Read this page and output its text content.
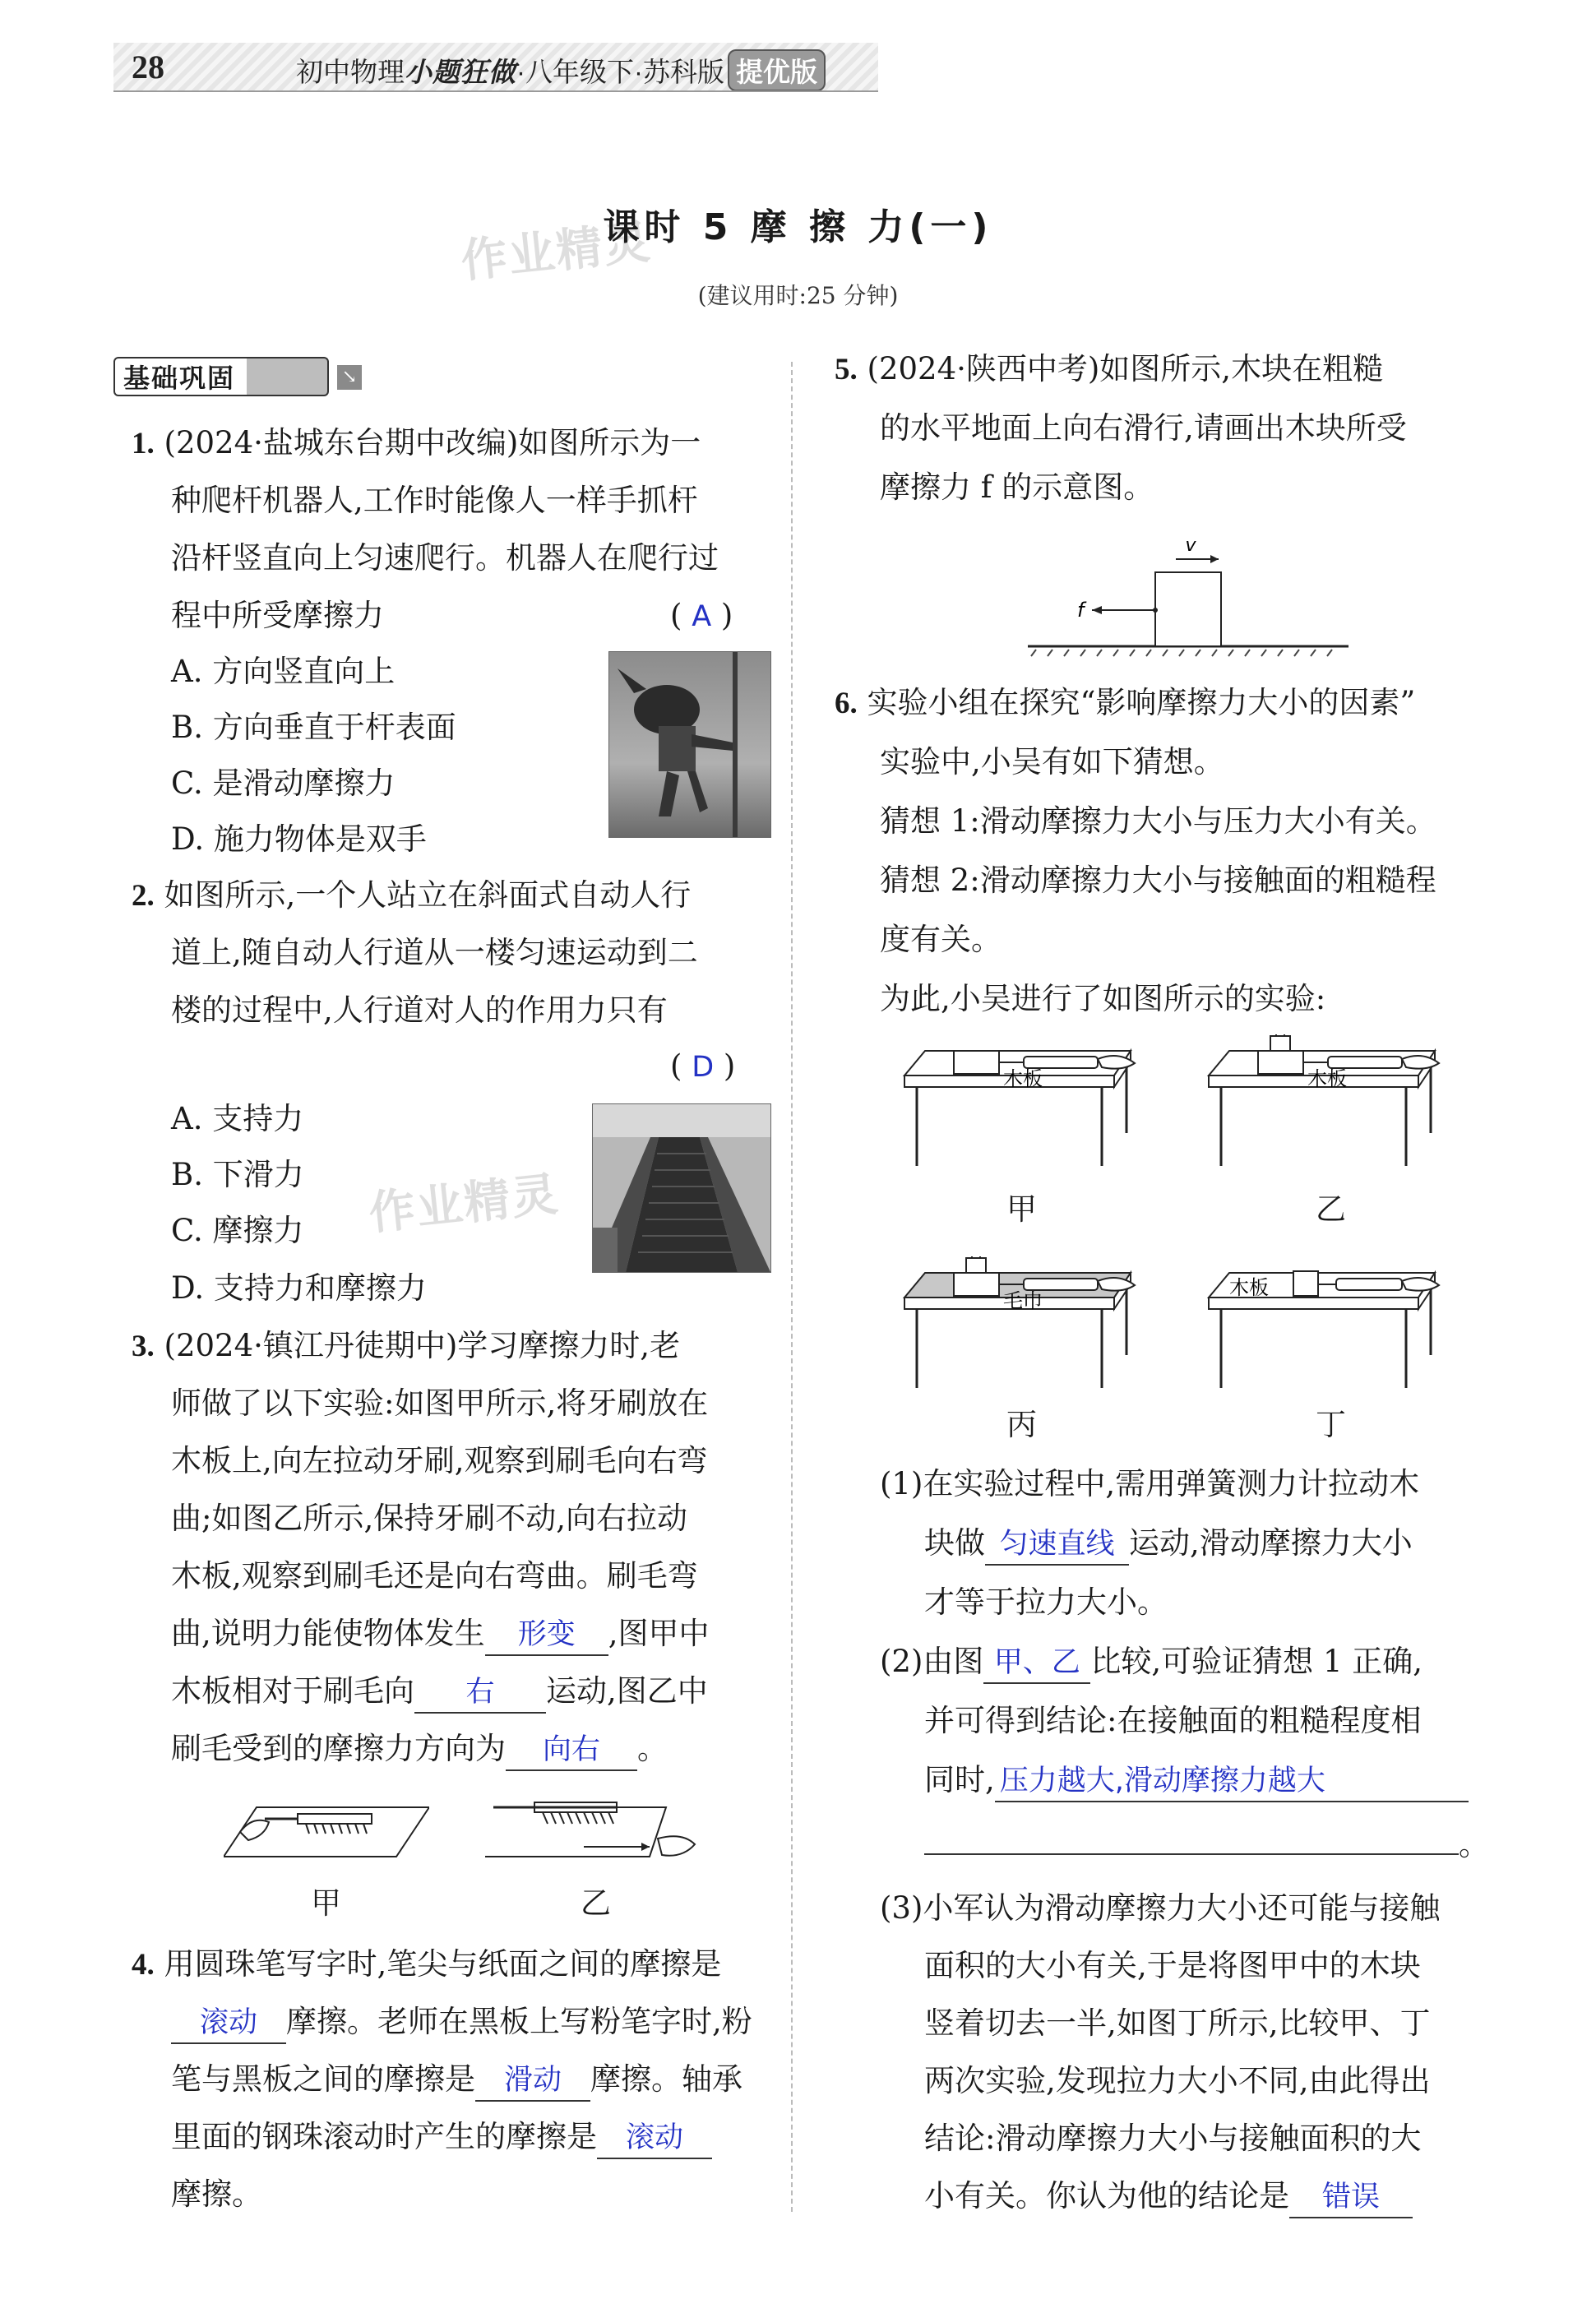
28	初中物理小题狂做·八年级下·苏科版 提优版
作业精灵
课时 5 摩 擦 力(一)
(建议用时:25 分钟)
基础巩固	↘
1. (2024·盐城东台期中改编)如图所示为一
种爬杆机器人,工作时能像人一样手抓杆
沿杆竖直向上匀速爬行。机器人在爬行过
程中所受摩擦力	( A )
A. 方向竖直向上
B. 方向垂直于杆表面
C. 是滑动摩擦力
D. 施力物体是双手
2. 如图所示,一个人站立在斜面式自动人行
道上,随自动人行道从一楼匀速运动到二
楼的过程中,人行道对人的作用力只有
( D )
A. 支持力
B. 下滑力
C. 摩擦力
D. 支持力和摩擦力
作业精灵
3. (2024·镇江丹徒期中)学习摩擦力时,老
师做了以下实验:如图甲所示,将牙刷放在
木板上,向左拉动牙刷,观察到刷毛向右弯
曲;如图乙所示,保持牙刷不动,向右拉动
木板,观察到刷毛还是向右弯曲。刷毛弯
曲,说明力能使物体发生 形变 ,图甲中
木板相对于刷毛向 右 运动,图乙中
刷毛受到的摩擦力方向为 向右 。
甲	乙
4. 用圆珠笔写字时,笔尖与纸面之间的摩擦是
滚动 摩擦。老师在黑板上写粉笔字时,粉
笔与黑板之间的摩擦是 滑动 摩擦。轴承
里面的钢珠滚动时产生的摩擦是 滚动
摩擦。
5. (2024·陕西中考)如图所示,木块在粗糙
的水平地面上向右滑行,请画出木块所受
摩擦力 f 的示意图。
v
f
6. 实验小组在探究“影响摩擦力大小的因素”
实验中,小吴有如下猜想。
猜想 1:滑动摩擦力大小与压力大小有关。
猜想 2:滑动摩擦力大小与接触面的粗糙程
度有关。
为此,小吴进行了如图所示的实验:
木板
甲
木板
乙
毛巾
丙
木板
丁
(1)在实验过程中,需用弹簧测力计拉动木
块做 匀速直线 运动,滑动摩擦力大小
才等于拉力大小。
(2)由图 甲、乙 比较,可验证猜想 1 正确,
并可得到结论:在接触面的粗糙程度相
同时, 压力越大,滑动摩擦力越大
。
(3)小军认为滑动摩擦力大小还可能与接触
面积的大小有关,于是将图甲中的木块
竖着切去一半,如图丁所示,比较甲、丁
两次实验,发现拉力大小不同,由此得出
结论:滑动摩擦力大小与接触面积的大
小有关。你认为他的结论是 错误
